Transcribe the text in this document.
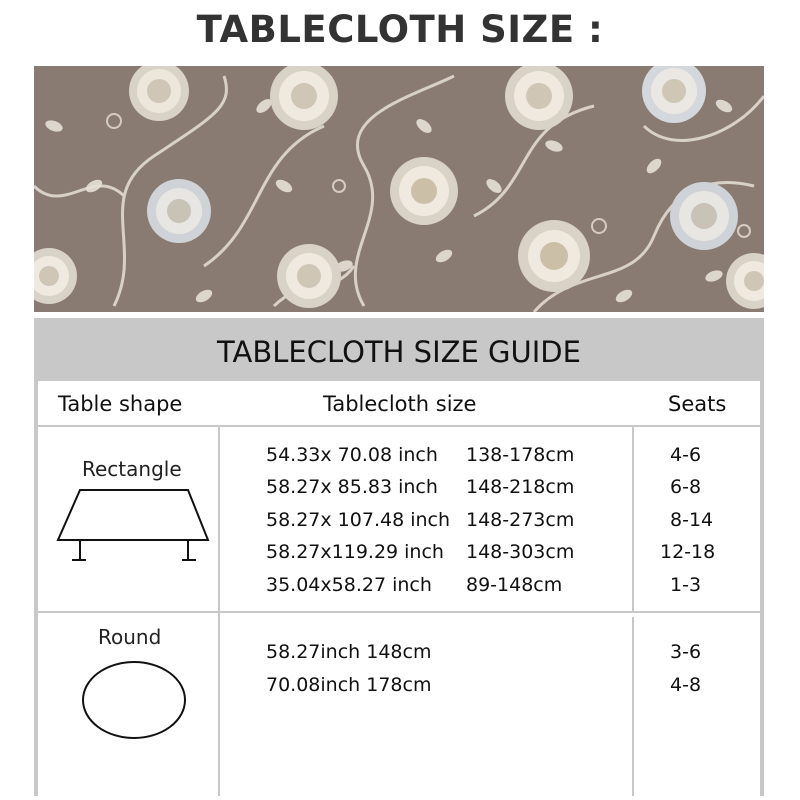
TABLECLOTH SIZE :
TABLECLOTH SIZE GUIDE
Table shape	Tablecloth size	Seats
Rectangle
54.33x 70.08 inch 138-178cm	4-6
58.27x 85.83 inch 148-218cm	6-8
58.27x 107.48 inch 148-273cm	8-14
58.27x119.29 inch 148-303cm	12-18
35.04x58.27 inch 89-148cm	1-3
Round
58.27inch 148cm	3-6
70.08inch 178cm	4-8
